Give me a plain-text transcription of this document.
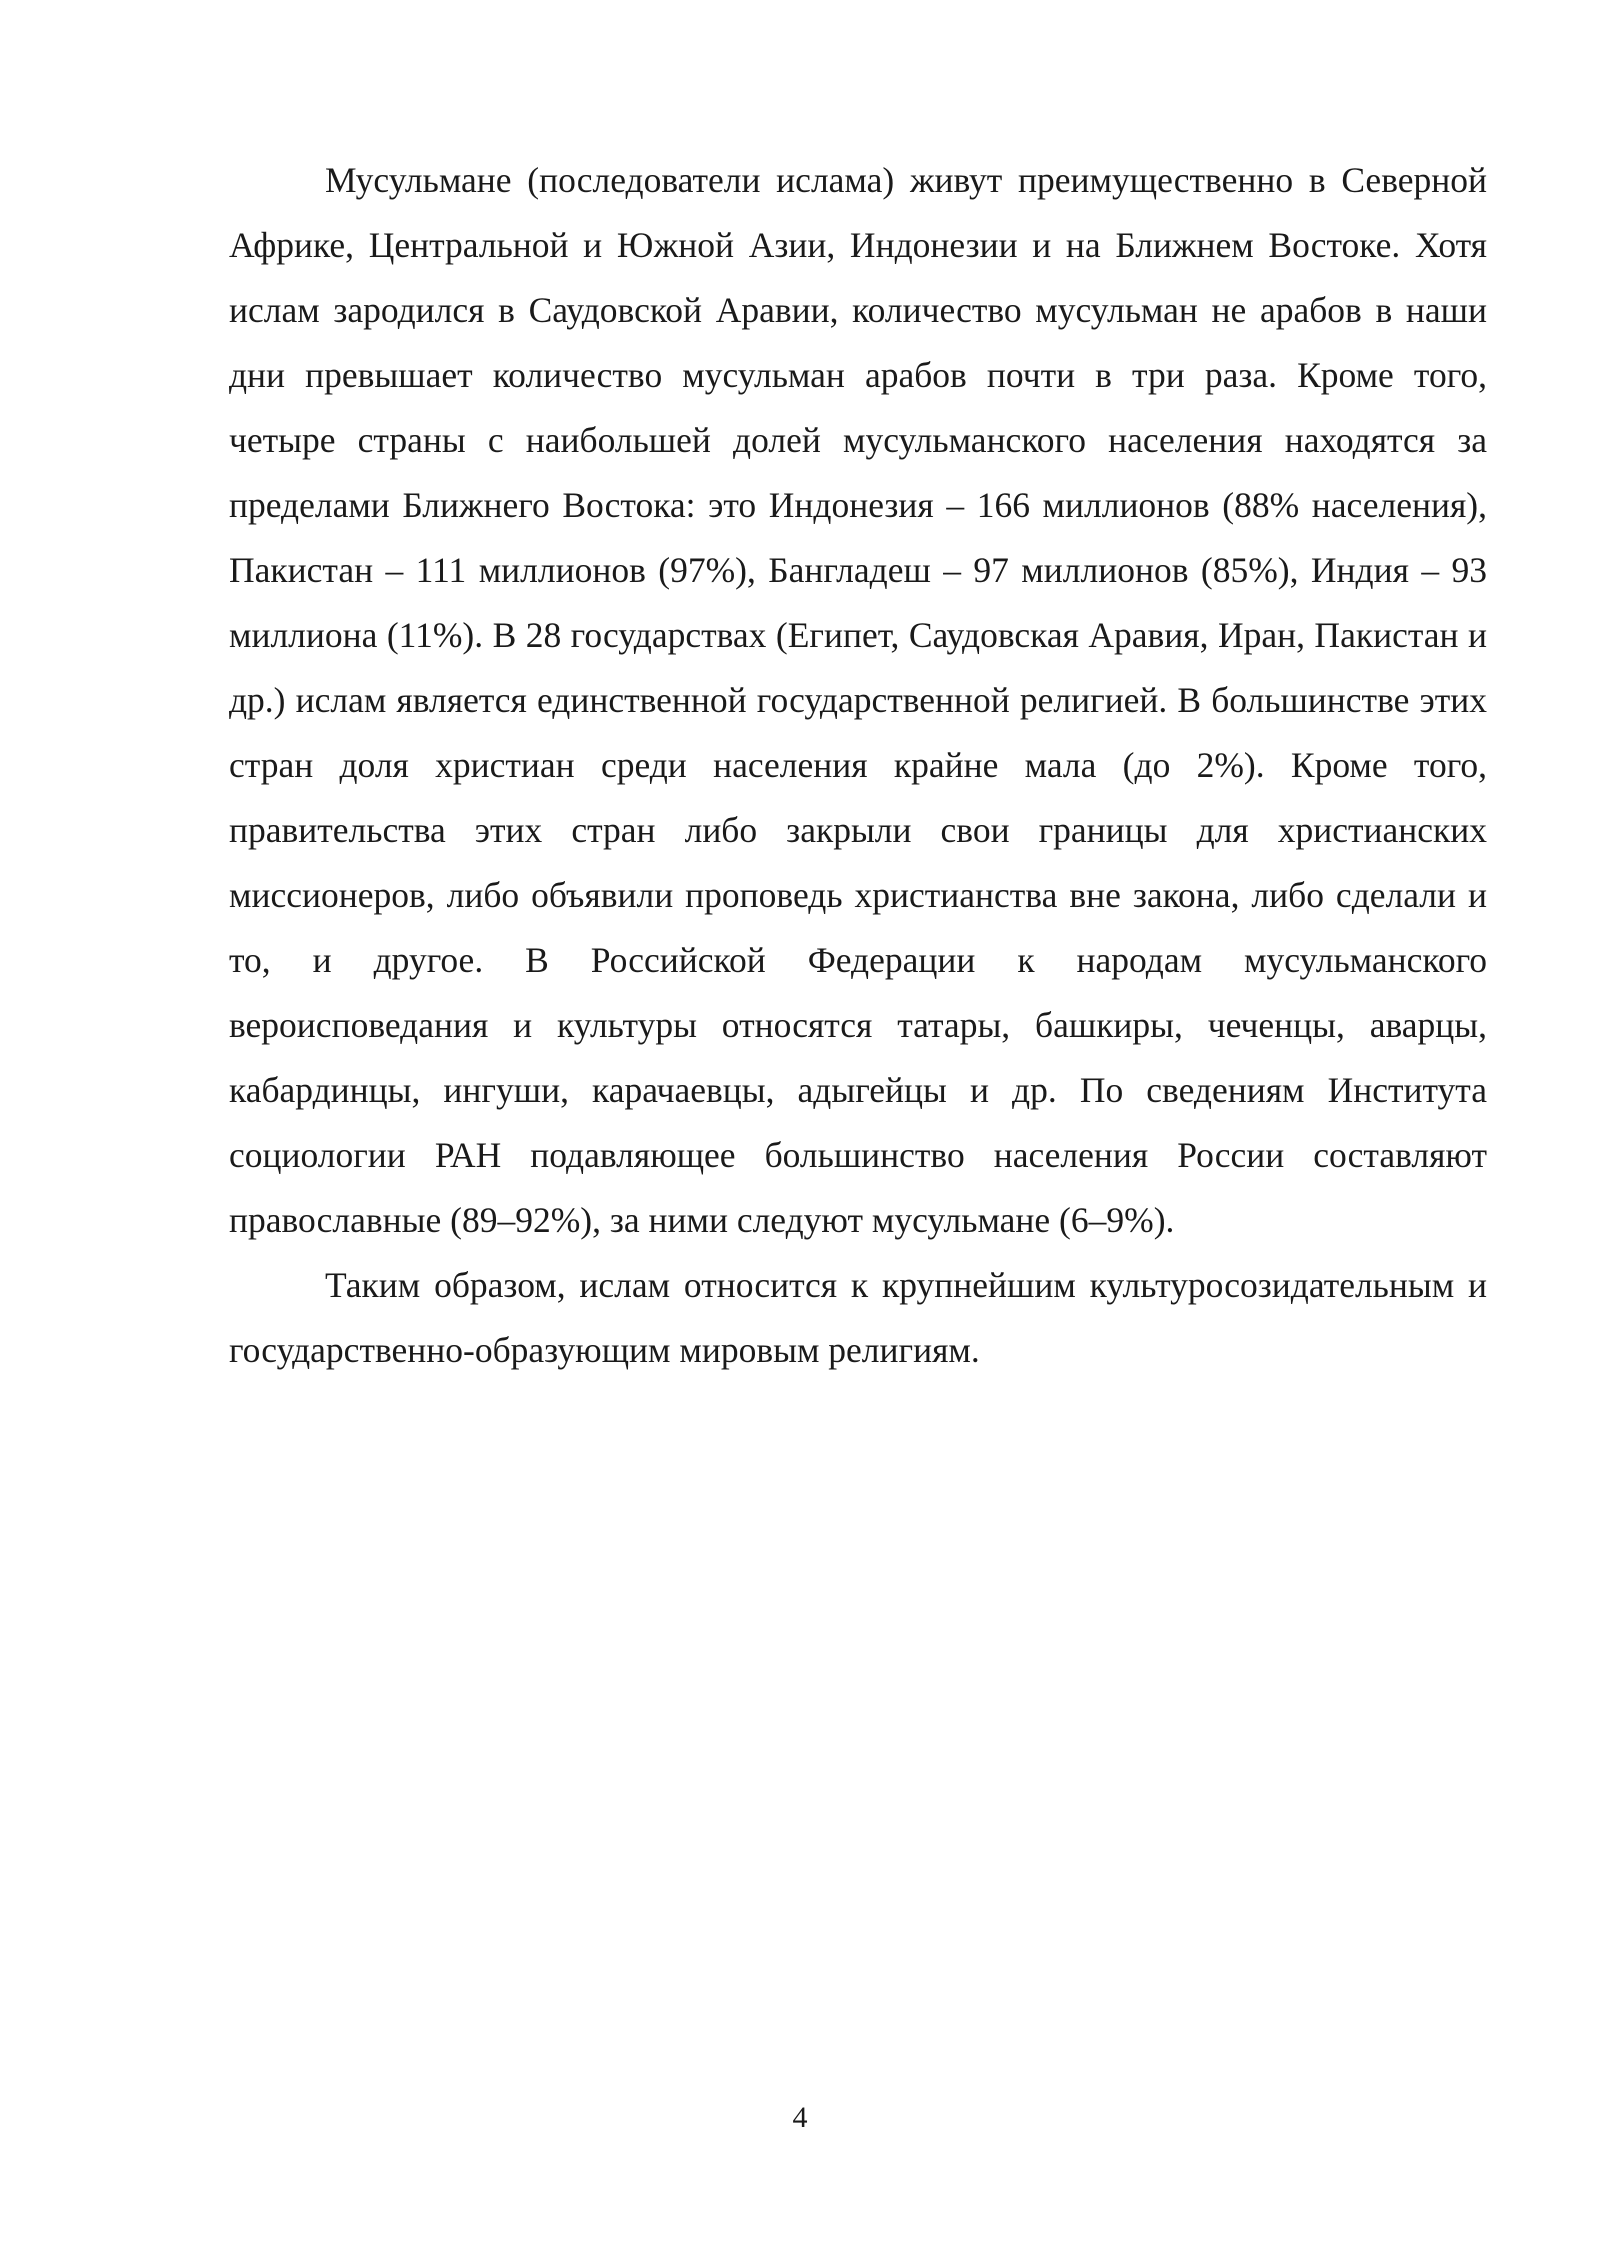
Мусульмане (последователи ислама) живут преимущественно в Северной Африке, Центральной и Южной Азии, Индонезии и на Ближнем Востоке. Хотя ислам зародился в Саудовской Аравии, количество мусульман не арабов в наши дни превышает количество мусульман арабов почти в три раза. Кроме того, четыре страны с наибольшей долей мусульманского населения находятся за пределами Ближнего Востока: это Индонезия – 166 миллионов (88% населения), Пакистан – 111 миллионов (97%), Бангладеш – 97 миллионов (85%), Индия – 93 миллиона (11%). В 28 государствах (Египет, Саудовская Аравия, Иран, Пакистан и др.) ислам является единственной государственной религией. В большинстве этих стран доля христиан среди населения крайне мала (до 2%). Кроме того, правительства этих стран либо закрыли свои границы для христианских миссионеров, либо объявили проповедь христианства вне закона, либо сделали и то, и другое. В Российской Федерации к народам мусульманского вероисповедания и культуры относятся татары, башкиры, чеченцы, аварцы, кабардинцы, ингуши, карачаевцы, адыгейцы и др. По сведениям Института социологии РАН подавляющее большинство населения России составляют православные (89–92%), за ними следуют мусульмане (6–9%).

Таким образом, ислам относится к крупнейшим культуросозидательным и государственно-образующим мировым религиям.

4
